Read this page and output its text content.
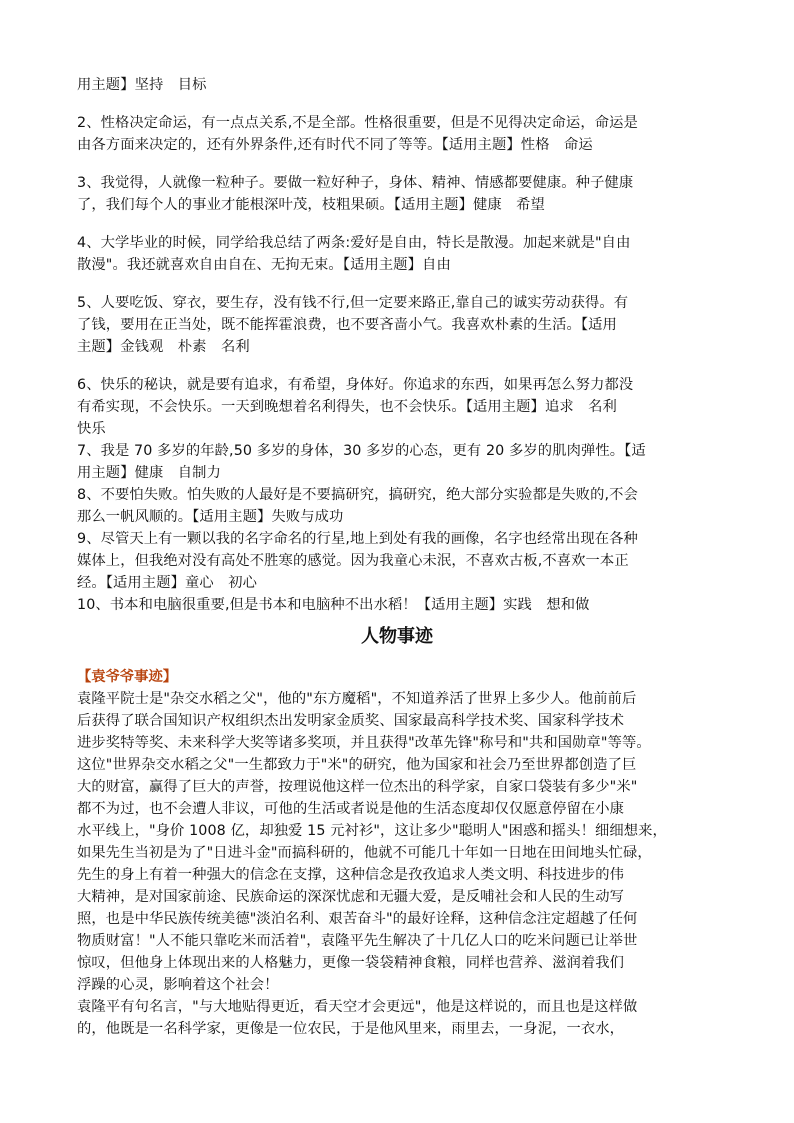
用主题】坚持　目标
2、性格决定命运，有一点点关系,不是全部。性格很重要，但是不见得决定命运，命运是
由各方面来决定的，还有外界条件,还有时代不同了等等。【适用主题】性格　命运
3、我觉得，人就像一粒种子。要做一粒好种子，身体、精神、情感都要健康。种子健康
了，我们每个人的事业才能根深叶茂，枝粗果硕。【适用主题】健康　希望
4、大学毕业的时候，同学给我总结了两条:爱好是自由，特长是散漫。加起来就是"自由
散漫"。我还就喜欢自由自在、无拘无束。【适用主题】自由
5、人要吃饭、穿衣，要生存，没有钱不行,但一定要来路正,靠自己的诚实劳动获得。有
了钱，要用在正当处，既不能挥霍浪费，也不要吝啬小气。我喜欢朴素的生活。【适用
主题】金钱观　朴素　名利
6、快乐的秘诀，就是要有追求，有希望，身体好。你追求的东西，如果再怎么努力都没
有希实现，不会快乐。一天到晚想着名利得失，也不会快乐。【适用主题】追求　名利
快乐
7、我是 70 多岁的年龄,50 多岁的身体，30 多岁的心态，更有 20 多岁的肌肉弹性。【适
用主题】健康　自制力
8、不要怕失败。怕失败的人最好是不要搞研究，搞研究，绝大部分实验都是失败的,不会
那么一帆风顺的。【适用主题】失败与成功
9、尽管天上有一颗以我的名字命名的行星,地上到处有我的画像，名字也经常出现在各种
媒体上，但我绝对没有高处不胜寒的感觉。因为我童心未泯，不喜欢古板,不喜欢一本正
经。【适用主题】童心　初心
10、书本和电脑很重要,但是书本和电脑种不出水稻！【适用主题】实践　想和做
人物事迹
【袁爷爷事迹】
袁隆平院士是"杂交水稻之父"，他的"东方魔稻"，不知道养活了世界上多少人。他前前后
后获得了联合国知识产权组织杰出发明家金质奖、国家最高科学技术奖、国家科学技术
进步奖特等奖、未来科学大奖等诸多奖项，并且获得"改革先锋"称号和"共和国勋章"等等。
这位"世界杂交水稻之父"一生都致力于"米"的研究，他为国家和社会乃至世界都创造了巨
大的财富，赢得了巨大的声誉，按理说他这样一位杰出的科学家，自家口袋装有多少"米"
都不为过，也不会遭人非议，可他的生活或者说是他的生活态度却仅仅愿意停留在小康
水平线上，"身价 1008 亿，却独爱 15 元衬衫"，这让多少"聪明人"困惑和摇头！细细想来，
如果先生当初是为了"日进斗金"而搞科研的，他就不可能几十年如一日地在田间地头忙碌，
先生的身上有着一种强大的信念在支撑，这种信念是孜孜追求人类文明、科技进步的伟
大精神，是对国家前途、民族命运的深深忧虑和无疆大爱，是反哺社会和人民的生动写
照，也是中华民族传统美德"淡泊名利、艰苦奋斗"的最好诠释，这种信念注定超越了任何
物质财富！"人不能只靠吃米而活着"，袁隆平先生解决了十几亿人口的吃米问题已让举世
惊叹，但他身上体现出来的人格魅力，更像一袋袋精神食粮，同样也营养、滋润着我们
浮躁的心灵，影响着这个社会！
袁隆平有句名言，"与大地贴得更近，看天空才会更远"，他是这样说的，而且也是这样做
的，他既是一名科学家，更像是一位农民，于是他风里来，雨里去，一身泥，一衣水，
